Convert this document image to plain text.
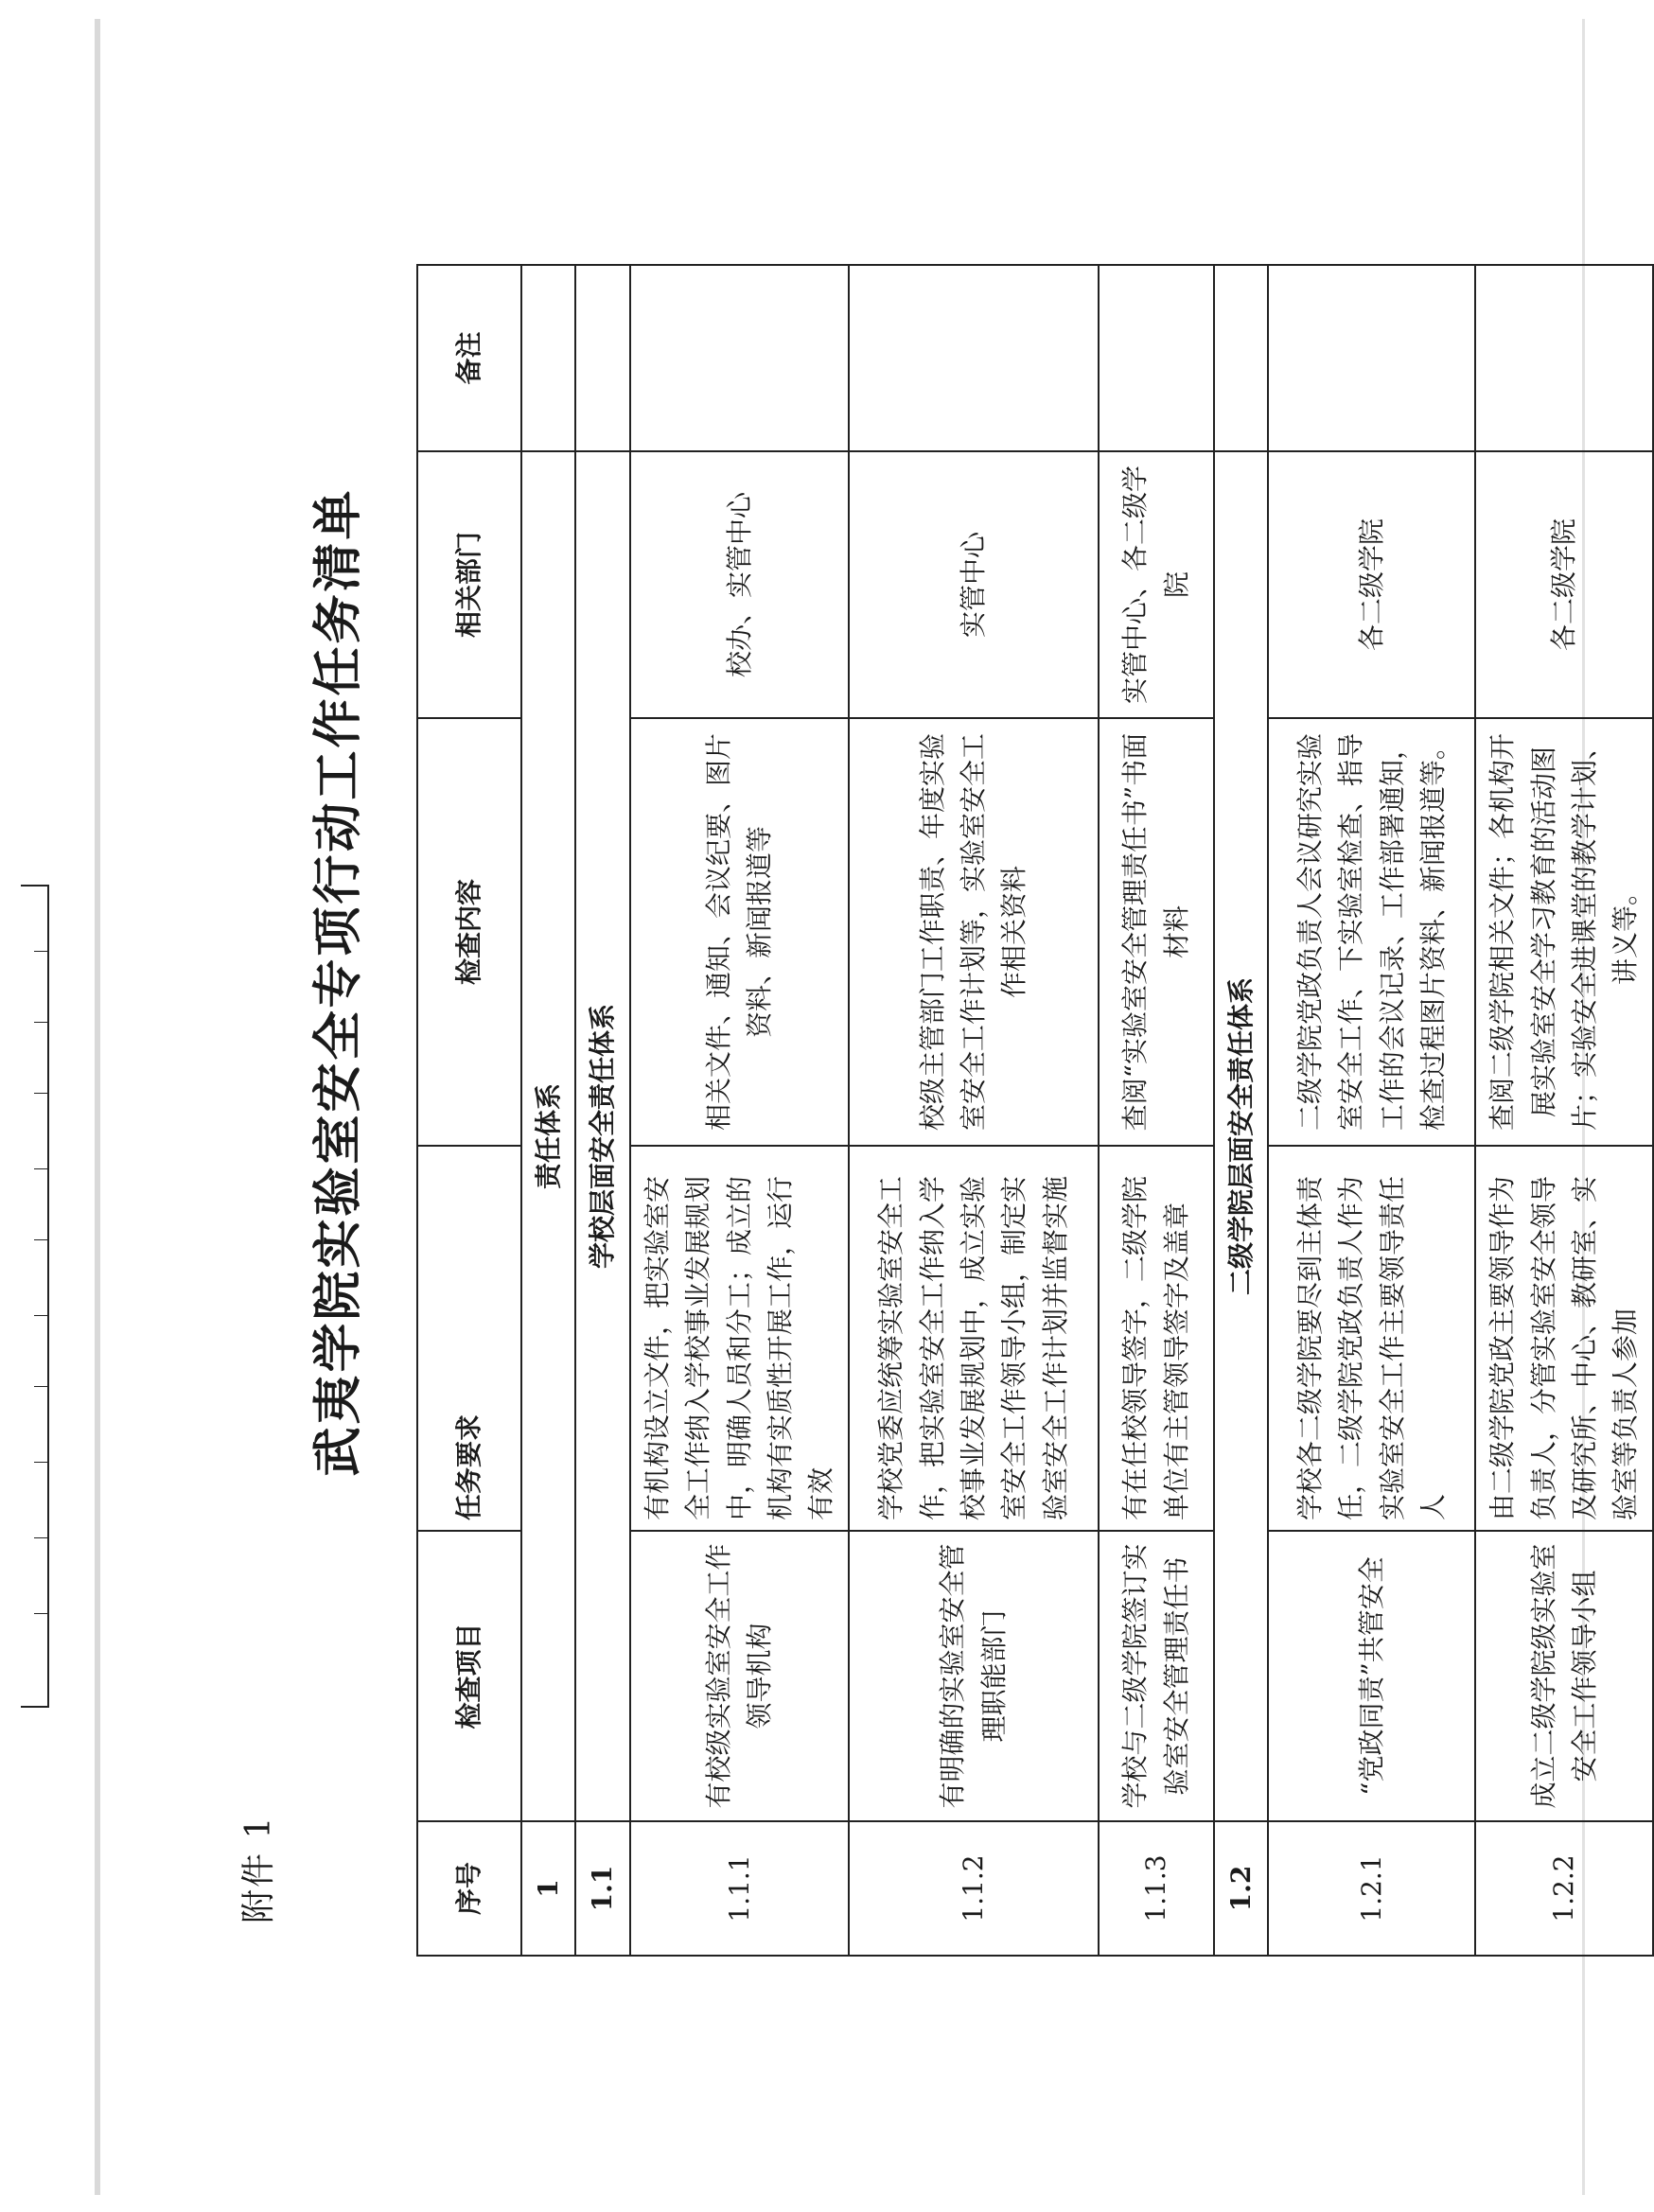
附件 1
武夷学院实验室安全专项行动工作任务清单
序号	检查项目	任务要求	检查内容	相关部门	备注
1	责任体系				
1.1	学校层面安全责任体系				
1.1.1	有校级实验室安全工作领导机构	有机构设立文件，把实验室安全工作纳入学校事业发展规划中，明确人员和分工；成立的机构有实质性开展工作，运行有效	相关文件、通知、会议纪要、图片资料、新闻报道等	校办、实管中心	
1.1.2	有明确的实验室安全管理职能部门	学校党委应统筹实验室安全工作，把实验室安全工作纳入学校事业发展规划中，成立实验室安全工作领导小组，制定实验室安全工作计划并监督实施	校级主管部门工作职责、年度实验室安全工作计划等，实验室安全工作相关资料	实管中心	
1.1.3	学校与二级学院签订实验室安全管理责任书	有在任校领导签字，二级学院单位有主管领导签字及盖章	查阅“实验室安全管理责任书”书面材料	实管中心、各二级学院	
1.2	二级学院层面安全责任体系				
1.2.1	“党政同责”共管安全	学校各二级学院要尽到主体责任，二级学院党政负责人作为实验室安全工作主要领导责任人	二级学院党政负责人会议研究实验室安全工作、下实验室检查、指导工作的会议记录、工作部署通知，检查过程图片资料、新闻报道等。	各二级学院	
1.2.2	成立二级学院级实验室安全工作领导小组	由二级学院党政主要领导作为负责人，分管实验室安全领导及研究所、中心、教研室、实验室等负责人参加	查阅二级学院相关文件；各机构开展实验室安全学习教育的活动图片；实验安全进课堂的教学计划、讲义等。	各二级学院	
